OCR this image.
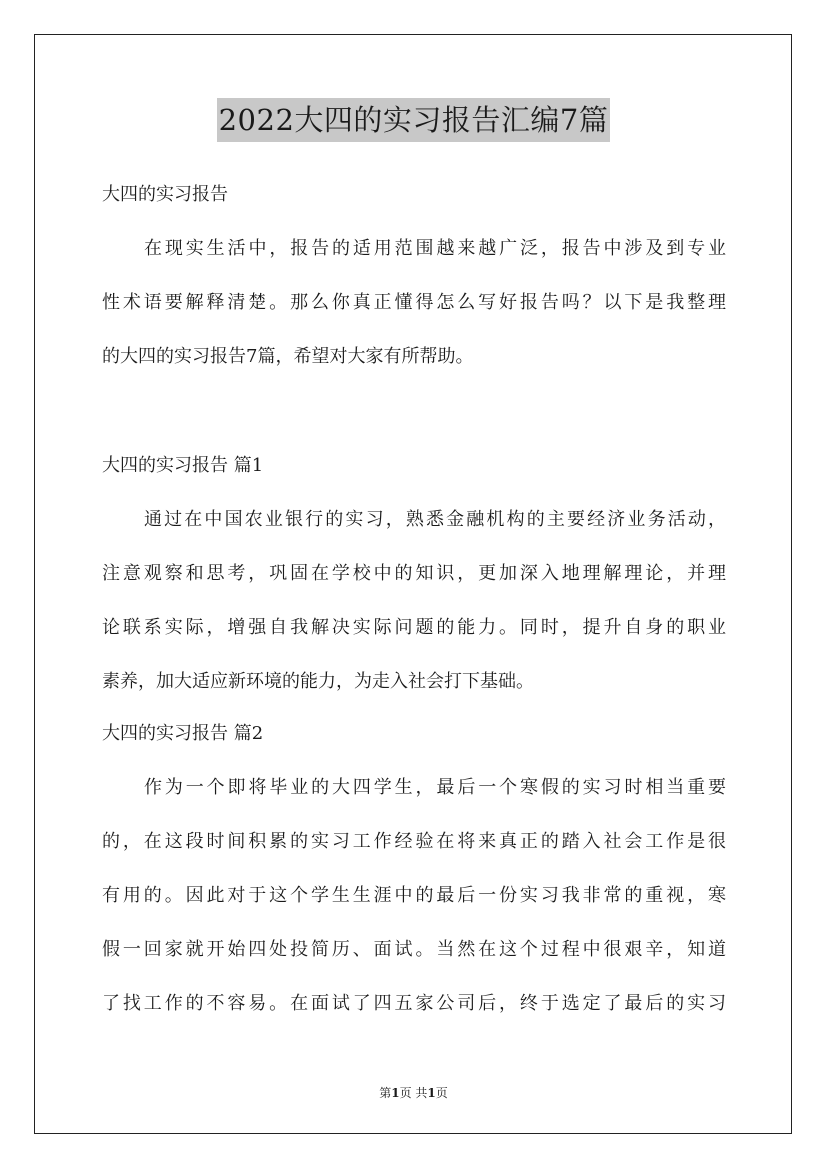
2022大四的实习报告汇编7篇
大四的实习报告
在现实生活中，报告的适用范围越来越广泛，报告中涉及到专业
性术语要解释清楚。那么你真正懂得怎么写好报告吗？以下是我整理
的大四的实习报告7篇，希望对大家有所帮助。
大四的实习报告 篇1
通过在中国农业银行的实习，熟悉金融机构的主要经济业务活动，
注意观察和思考，巩固在学校中的知识，更加深入地理解理论，并理
论联系实际，增强自我解决实际问题的能力。同时，提升自身的职业
素养，加大适应新环境的能力，为走入社会打下基础。
大四的实习报告 篇2
作为一个即将毕业的大四学生，最后一个寒假的实习时相当重要
的，在这段时间积累的实习工作经验在将来真正的踏入社会工作是很
有用的。因此对于这个学生生涯中的最后一份实习我非常的重视，寒
假一回家就开始四处投简历、面试。当然在这个过程中很艰辛，知道
了找工作的不容易。在面试了四五家公司后，终于选定了最后的实习
第1页 共1页
